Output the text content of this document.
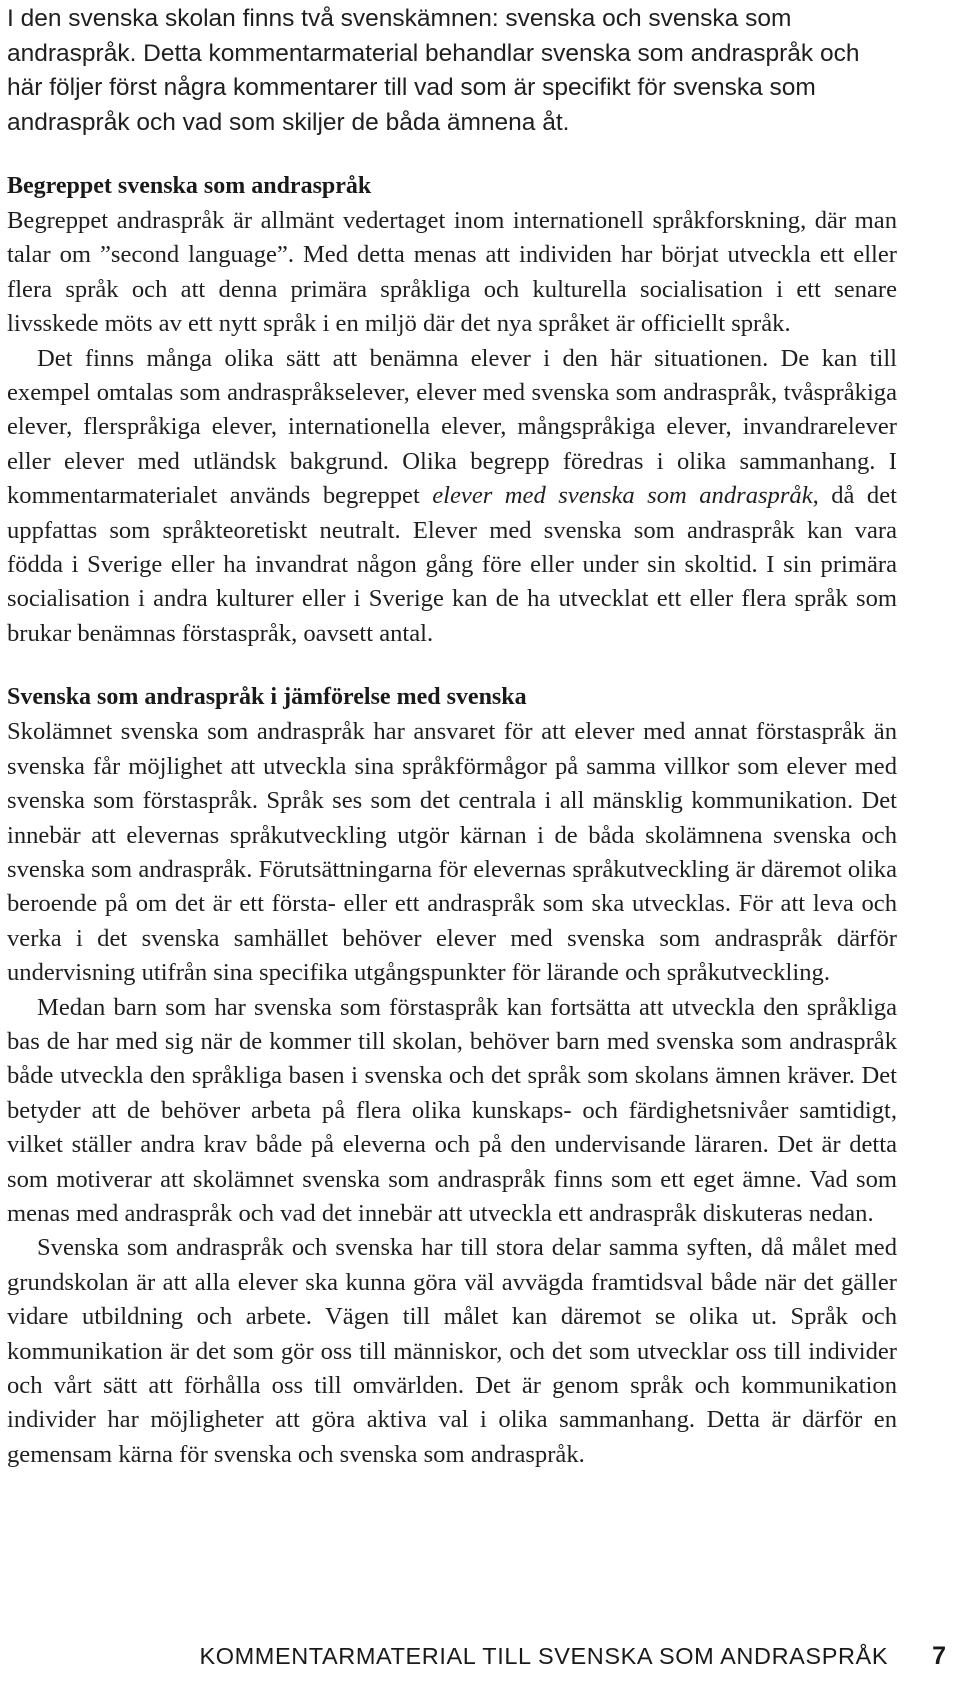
I den svenska skolan finns två svenskämnen: svenska och svenska som andraspråk. Detta kommentarmaterial behandlar svenska som andraspråk och här följer först några kommentarer till vad som är specifikt för svenska som andraspråk och vad som skiljer de båda ämnena åt.

Begreppet svenska som andraspråk

Begreppet andraspråk är allmänt vedertaget inom internationell språkforskning, där man talar om ”second language”. Med detta menas att individen har börjat utveckla ett eller flera språk och att denna primära språkliga och kulturella socialisation i ett senare livsskede möts av ett nytt språk i en miljö där det nya språket är officiellt språk.

Det finns många olika sätt att benämna elever i den här situationen. De kan till exempel omtalas som andraspråkselever, elever med svenska som andraspråk, tvåspråkiga elever, flerspråkiga elever, internationella elever, mångspråkiga elever, invandrarelever eller elever med utländsk bakgrund. Olika begrepp föredras i olika sammanhang. I kommentarmaterialet används begreppet elever med svenska som andraspråk, då det uppfattas som språkteoretiskt neutralt. Elever med svenska som andraspråk kan vara födda i Sverige eller ha invandrat någon gång före eller under sin skoltid. I sin primära socialisation i andra kulturer eller i Sverige kan de ha utvecklat ett eller flera språk som brukar benämnas förstaspråk, oavsett antal.

Svenska som andraspråk i jämförelse med svenska

Skolämnet svenska som andraspråk har ansvaret för att elever med annat förstaspråk än svenska får möjlighet att utveckla sina språkförmågor på samma villkor som elever med svenska som förstaspråk. Språk ses som det centrala i all mänsklig kommunikation. Det innebär att elevernas språkutveckling utgör kärnan i de båda skolämnena svenska och svenska som andraspråk. Förutsättningarna för elevernas språkutveckling är däremot olika beroende på om det är ett första- eller ett andraspråk som ska utvecklas. För att leva och verka i det svenska samhället behöver elever med svenska som andraspråk därför undervisning utifrån sina specifika utgångspunkter för lärande och språkutveckling.

Medan barn som har svenska som förstaspråk kan fortsätta att utveckla den språkliga bas de har med sig när de kommer till skolan, behöver barn med svenska som andraspråk både utveckla den språkliga basen i svenska och det språk som skolans ämnen kräver. Det betyder att de behöver arbeta på flera olika kunskaps- och färdighetsnivåer samtidigt, vilket ställer andra krav både på eleverna och på den undervisande läraren. Det är detta som motiverar att skolämnet svenska som andraspråk finns som ett eget ämne. Vad som menas med andraspråk och vad det innebär att utveckla ett andraspråk diskuteras nedan.

Svenska som andraspråk och svenska har till stora delar samma syften, då målet med grundskolan är att alla elever ska kunna göra väl avvägda framtidsval både när det gäller vidare utbildning och arbete. Vägen till målet kan däremot se olika ut. Språk och kommunikation är det som gör oss till människor, och det som utvecklar oss till individer och vårt sätt att förhålla oss till omvärlden. Det är genom språk och kommunikation individer har möjligheter att göra aktiva val i olika sammanhang. Detta är därför en gemensam kärna för svenska och svenska som andraspråk.

KOMMENTARMATERIAL TILL SVENSKA SOM ANDRASPRÅK 7
